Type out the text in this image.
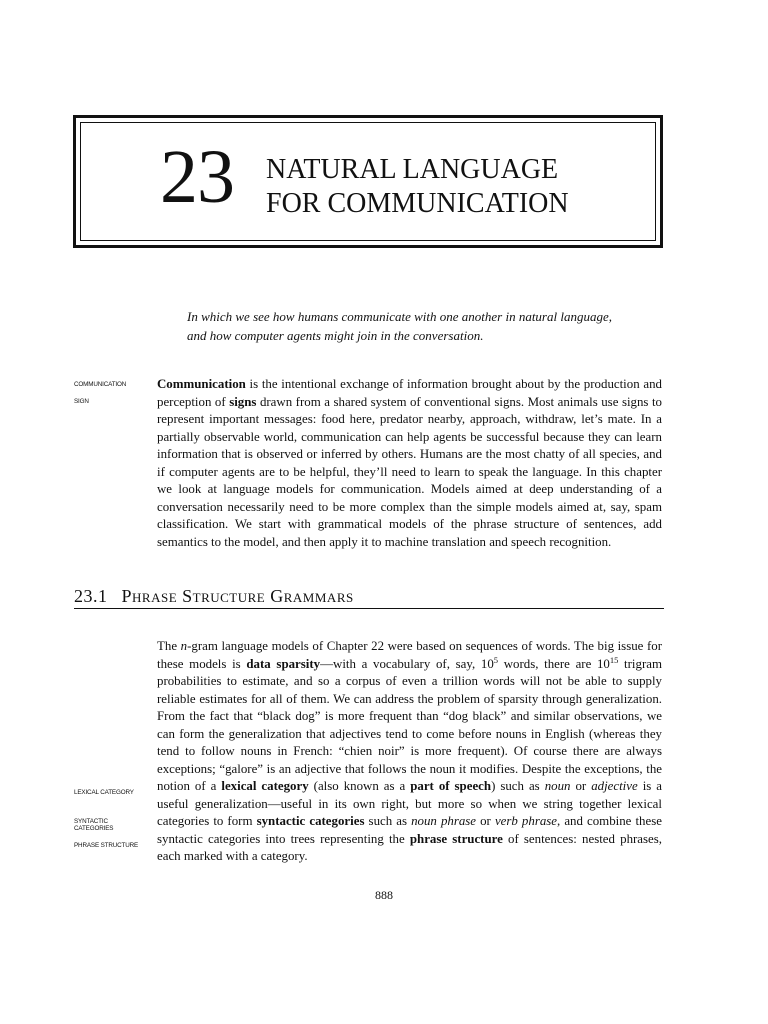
23 NATURAL LANGUAGE
FOR COMMUNICATION
In which we see how humans communicate with one another in natural language,
and how computer agents might join in the conversation.
COMMUNICATION
SIGN
LEXICAL CATEGORY
SYNTACTIC
CATEGORIES
PHRASE STRUCTURE
Communication is the intentional exchange of information brought about by the production and perception of signs drawn from a shared system of conventional signs. Most animals use signs to represent important messages: food here, predator nearby, approach, withdraw, let’s mate. In a partially observable world, communication can help agents be successful because they can learn information that is observed or inferred by others. Humans are the most chatty of all species, and if computer agents are to be helpful, they’ll need to learn to speak the language. In this chapter we look at language models for communication. Models aimed at deep understanding of a conversation necessarily need to be more complex than the simple models aimed at, say, spam classification. We start with grammatical models of the phrase structure of sentences, add semantics to the model, and then apply it to machine translation and speech recognition.
23.1 Phrase Structure Grammars
The n-gram language models of Chapter 22 were based on sequences of words. The big issue for these models is data sparsity—with a vocabulary of, say, $10^5$ words, there are $10^{15}$ trigram probabilities to estimate, and so a corpus of even a trillion words will not be able to supply reliable estimates for all of them. We can address the problem of sparsity through generalization. From the fact that “black dog” is more frequent than “dog black” and similar observations, we can form the generalization that adjectives tend to come before nouns in English (whereas they tend to follow nouns in French: “chien noir” is more frequent). Of course there are always exceptions; “galore” is an adjective that follows the noun it modifies. Despite the exceptions, the notion of a lexical category (also known as a part of speech) such as noun or adjective is a useful generalization—useful in its own right, but more so when we string together lexical categories to form syntactic categories such as noun phrase or verb phrase, and combine these syntactic categories into trees representing the phrase structure of sentences: nested phrases, each marked with a category.
888
